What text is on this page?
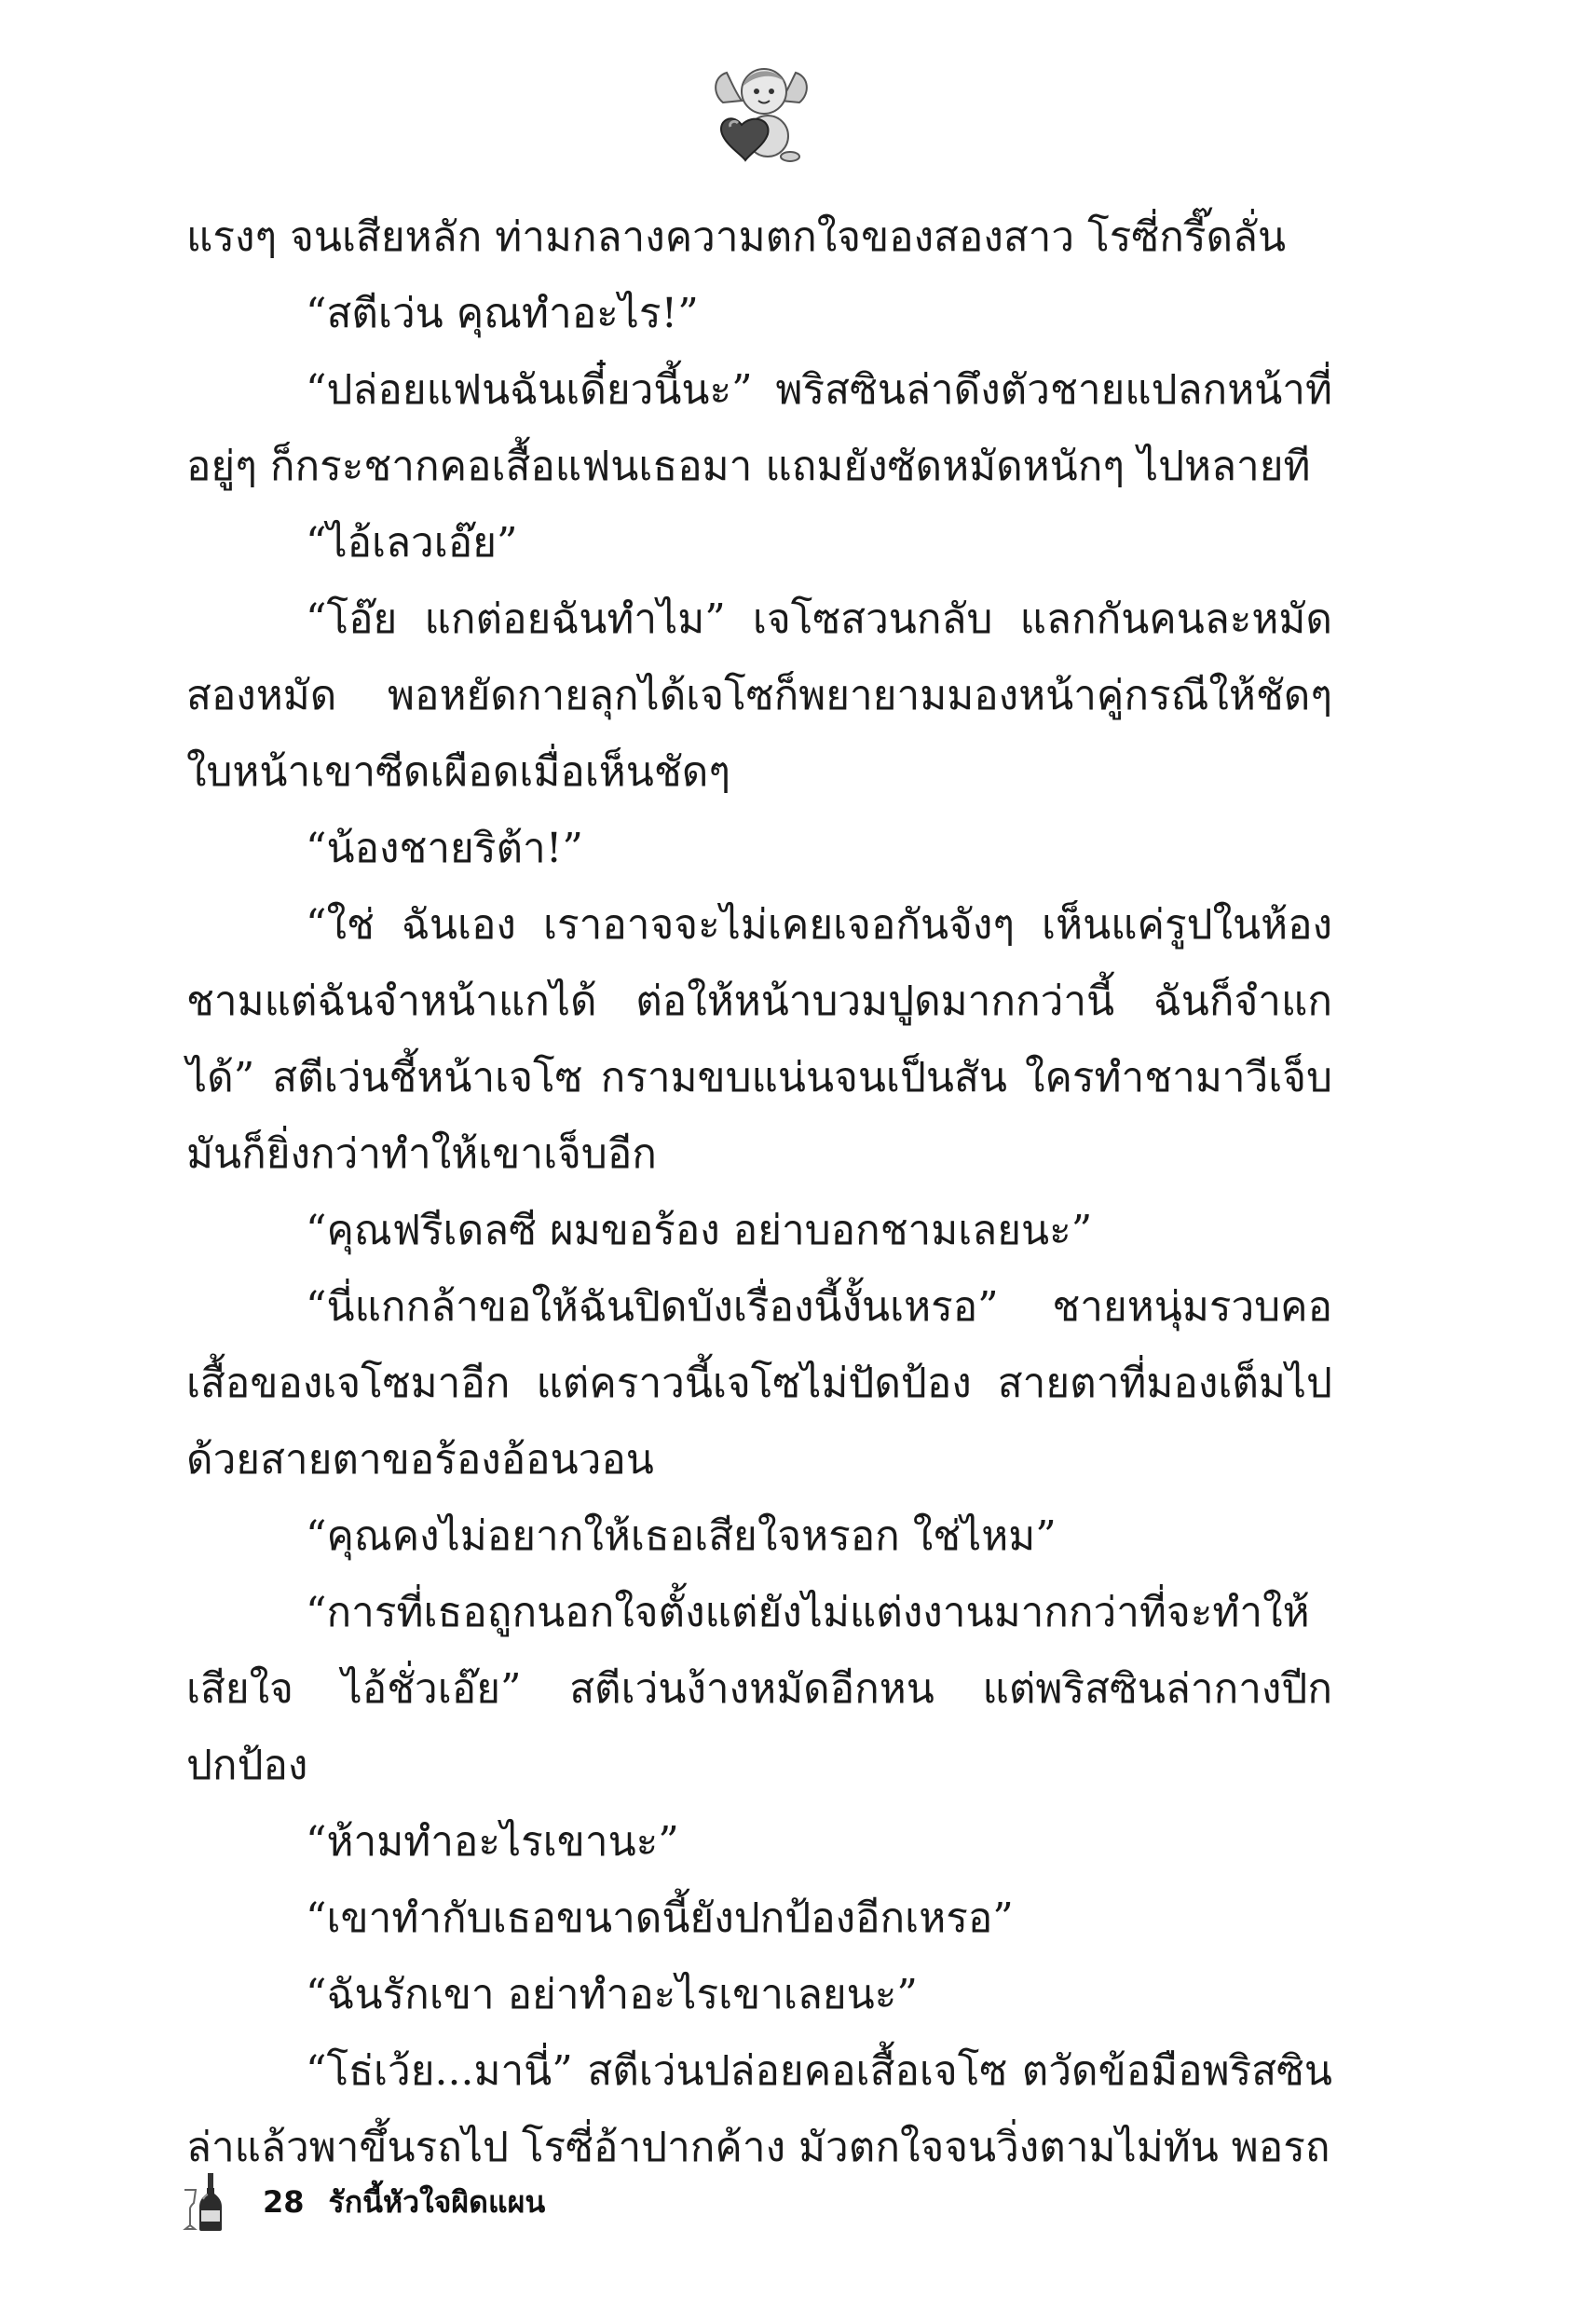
แรงๆ จนเสียหลัก ท่ามกลางความตกใจของสองสาว โรซี่กรี๊ดลั่น

“สตีเว่น คุณทำอะไร!”

“ปล่อยแฟนฉันเดี๋ยวนี้นะ” พริสซินล่าดึงตัวชายแปลกหน้าที่อยู่ๆ ก็กระชากคอเสื้อแฟนเธอมา แถมยังซัดหมัดหนักๆ ไปหลายที

“ไอ้เลวเอ๊ย”

“โอ๊ย แกต่อยฉันทำไม” เจโซสวนกลับ แลกกันคนละหมัดสองหมัด พอหยัดกายลุกได้เจโซก็พยายามมองหน้าคู่กรณีให้ชัดๆ ใบหน้าเขาซีดเผือดเมื่อเห็นชัดๆ

“น้องชายริต้า!”

“ใช่ ฉันเอง เราอาจจะไม่เคยเจอกันจังๆ เห็นแค่รูปในห้องชามแต่ฉันจำหน้าแกได้ ต่อให้หน้าบวมปูดมากกว่านี้ ฉันก็จำแกได้” สตีเว่นชี้หน้าเจโซ กรามขบแน่นจนเป็นสัน ใครทำชามาวีเจ็บมันก็ยิ่งกว่าทำให้เขาเจ็บอีก

“คุณฟรีเดลซี ผมขอร้อง อย่าบอกชามเลยนะ”

“นี่แกกล้าขอให้ฉันปิดบังเรื่องนี้งั้นเหรอ” ชายหนุ่มรวบคอเสื้อของเจโซมาอีก แต่คราวนี้เจโซไม่ปัดป้อง สายตาที่มองเต็มไปด้วยสายตาขอร้องอ้อนวอน

“คุณคงไม่อยากให้เธอเสียใจหรอก ใช่ไหม”

“การที่เธอถูกนอกใจตั้งแต่ยังไม่แต่งงานมากกว่าที่จะทำให้เสียใจ ไอ้ชั่วเอ๊ย” สตีเว่นง้างหมัดอีกหน แต่พริสซินล่ากางปีกปกป้อง

“ห้ามทำอะไรเขานะ”

“เขาทำกับเธอขนาดนี้ยังปกป้องอีกเหรอ”

“ฉันรักเขา อย่าทำอะไรเขาเลยนะ”

“โธ่เว้ย...มานี่” สตีเว่นปล่อยคอเสื้อเจโซ ตวัดข้อมือพริสซินล่าแล้วพาขึ้นรถไป โรซี่อ้าปากค้าง มัวตกใจจนวิ่งตามไม่ทัน พอรถ

28 รักนี้หัวใจผิดแผน
